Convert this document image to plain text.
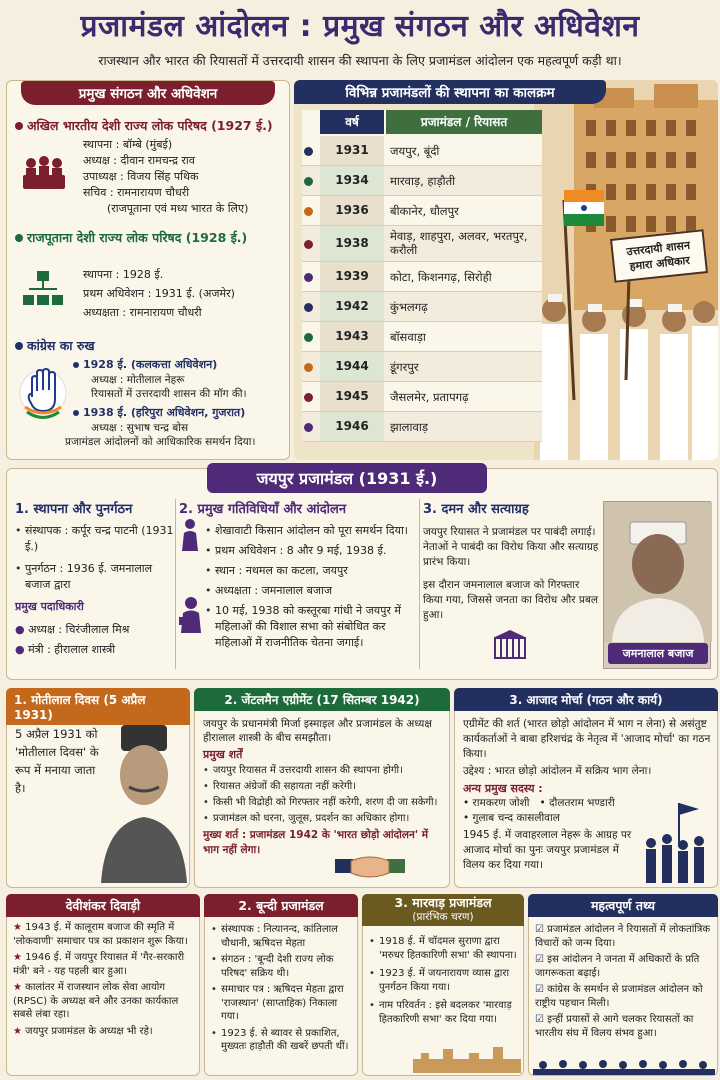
प्रजामंडल आंदोलन : प्रमुख संगठन और अधिवेशन
राजस्थान और भारत की रियासतों में उत्तरदायी शासन की स्थापना के लिए प्रजामंडल आंदोलन एक महत्वपूर्ण कड़ी था।
प्रमुख संगठन और अधिवेशन
अखिल भारतीय देशी राज्य लोक परिषद (1927 ई.)
स्थापना : बॉम्बे (मुंबई)
अध्यक्ष : दीवान रामचन्द्र राव
उपाध्यक्ष : विजय सिंह पथिक
सचिव : रामनारायण चौधरी
(राजपूताना एवं मध्य भारत के लिए)
राजपूताना देशी राज्य लोक परिषद (1928 ई.)
स्थापना : 1928 ई.
प्रथम अधिवेशन : 1931 ई. (अजमेर)
अध्यक्षता : रामनारायण चौधरी
कांग्रेस का रुख
1928 ई. (कलकत्ता अधिवेशन)
अध्यक्ष : मोतीलाल नेहरू
रियासतों में उत्तरदायी शासन की मॉग की।
1938 ई. (हरिपुरा अधिवेशन, गुजरात)
अध्यक्ष : सुभाष चन्द्र बोस
प्रजामंडल आंदोलनों को आधिकारिक समर्थन दिया।
उत्तरदायी शासन हमारा अधिकार
विभिन्न प्रजामंडलों की स्थापना का कालक्रम
वर्ष	प्रजामंडल / रियासत
1931	जयपुर, बूंदी
1934	मारवाड़, हाड़ौती
1936	बीकानेर, धौलपुर
1938	मेवाड़, शाहपुरा, अलवर, भरतपुर, करौली
1939	कोटा, किशनगढ़, सिरोही
1942	कुंभलगढ़
1943	बॉसवाड़ा
1944	डूंगरपुर
1945	जैसलमेर, प्रतापगढ़
1946	झालावाड़
जयपुर प्रजामंडल (1931 ई.)
1. स्थापना और पुनर्गठन
• संस्थापक : कर्पूर चन्द्र पाटनी (1931 ई.)
• पुनर्गठन : 1936 ई. जमनालाल बजाज द्वारा
प्रमुख पदाधिकारी
● अध्यक्ष : चिरंजीलाल मिश्र
● मंत्री : हीरालाल शास्त्री
2. प्रमुख गतिविधियाँ और आंदोलन
• शेखावाटी किसान आंदोलन को पूरा समर्थन दिया।
• प्रथम अधिवेशन : 8 और 9 मई, 1938 ई.
• स्थान : नथमल का कटला, जयपुर
• अध्यक्षता : जमनालाल बजाज
• 10 मई, 1938 को कस्तूरबा गांधी ने जयपुर में महिलाओं की विशाल सभा को संबोधित कर महिलाओं में राजनीतिक चेतना जगाई।
3. दमन और सत्याग्रह
जयपुर रियासत ने प्रजामंडल पर पाबंदी लगाई। नेताओं ने पाबंदी का विरोध किया और सत्याग्रह प्रारंभ किया।
इस दौरान जमनालाल बजाज को गिरफ्तार किया गया, जिससे जनता का विरोध और प्रबल हुआ।
जमनालाल बजाज
1. मोतीलाल दिवस (5 अप्रैल 1931)
5 अप्रैल 1931 को 'मोतीलाल दिवस' के रूप में मनाया जाता है।
2. जेंटलमैन एग्रीमेंट (17 सितम्बर 1942)
जयपुर के प्रधानमंत्री मिर्जा इस्माइल और प्रजामंडल के अध्यक्ष हीरालाल शास्त्री के बीच समझौता।
प्रमुख शर्तें
• जयपुर रियासत में उत्तरदायी शासन की स्थापना होगी।
• रियासत अंग्रेजों की सहायता नहीं करेगी।
• किसी भी विद्रोही को गिरफ्तार नहीं करेगी, शरण दी जा सकेगी।
• प्रजामंडल को धरना, जुलूस, प्रदर्शन का अधिकार होगा।
मुख्य शर्त : प्रजामंडल 1942 के 'भारत छोड़ो आंदोलन' में भाग नहीं लेगा।
3. आजाद मोर्चा (गठन और कार्य)
एग्रीमेंट की शर्त (भारत छोड़ो आंदोलन में भाग न लेना) से असंतुष्ट कार्यकर्ताओं ने बाबा हरिशचंद्र के नेतृत्व में 'आजाद मोर्चा' का गठन किया।
उद्देश्य : भारत छोड़ो आंदोलन में सक्रिय भाग लेना।
अन्य प्रमुख सदस्य :
• रामकरण जोशी   • दौलतराम भण्डारी
• गुलाब चन्द कासलीवाल
1945 ई. में जवाहरलाल नेहरू के आग्रह पर आजाद मोर्चा का पुनः जयपुर प्रजामंडल में विलय कर दिया गया।
देवीशंकर दिवाड़ी
★ 1943 ई. में कालूराम बजाज की स्मृति में 'लोकवाणी' समाचार पत्र का प्रकाशन शुरू किया।
★ 1946 ई. में जयपुर रियासत में 'गैर-सरकारी मंत्री' बने - यह पहली बार हुआ।
★ कालांतर में राजस्थान लोक सेवा आयोग (RPSC) के अध्यक्ष बने और उनका कार्यकाल सबसे लंबा रहा।
★ जयपुर प्रजामंडल के अध्यक्ष भी रहे।
2. बून्दी प्रजामंडल
• संस्थापक : नित्यानन्द, कांतिलाल चौधानी, ऋषिदत्त मेहता
• संगठन : 'बून्दी देशी राज्य लोक परिषद' सक्रिय थी।
• समाचार पत्र : ऋषिदत्त मेहता द्वारा 'राजस्थान' (साप्ताहिक) निकाला गया।
• 1923 ई. से ब्यावर से प्रकाशित, मुख्यतः हाड़ौती की खबरें छपती थीं।
3. मारवाड़ प्रजामंडल
(प्रारंभिक चरण)
• 1918 ई. में चॉदमल सुराणा द्वारा 'मरुधर हितकारिणी सभा' की स्थापना।
• 1923 ई. में जयनारायण व्यास द्वारा पुनर्गठन किया गया।
• नाम परिवर्तन : इसे बदलकर 'मारवाड़ हितकारिणी सभा' कर दिया गया।
महत्वपूर्ण तथ्य
☑ प्रजामंडल आंदोलन ने रियासतों में लोकतांत्रिक विचारों को जन्म दिया।
☑ इस आंदोलन ने जनता में अधिकारों के प्रति जागरूकता बढ़ाई।
☑ कांग्रेस के समर्थन से प्रजामंडल आंदोलन को राष्ट्रीय पहचान मिली।
☑ इन्हीं प्रयासों से आगे चलकर रियासतों का भारतीय संघ में विलय संभव हुआ।
